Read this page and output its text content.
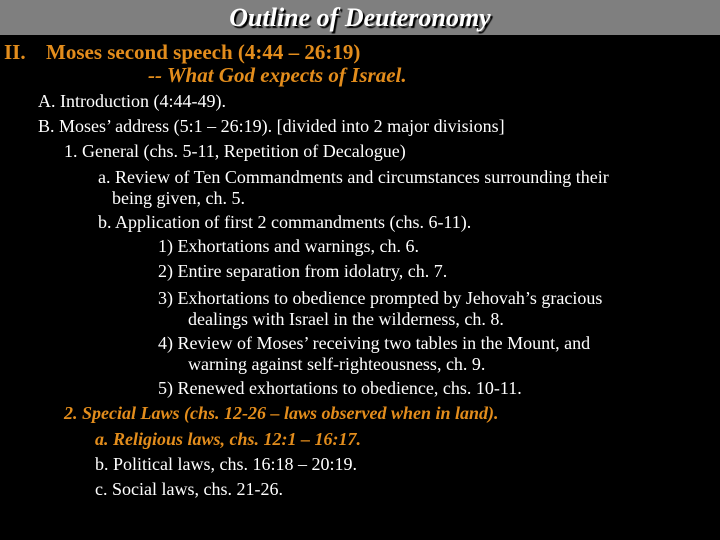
Outline of Deuteronomy
II. Moses second speech (4:44 – 26:19)
-- What God expects of Israel.
A. Introduction (4:44-49).
B. Moses’ address (5:1 – 26:19). [divided into 2 major divisions]
1. General (chs. 5-11, Repetition of Decalogue)
a. Review of Ten Commandments and circumstances surrounding their
being given, ch. 5.
b. Application of first 2 commandments (chs. 6-11).
1) Exhortations and warnings, ch. 6.
2) Entire separation from idolatry, ch. 7.
3) Exhortations to obedience prompted by Jehovah’s gracious
dealings with Israel in the wilderness, ch. 8.
4) Review of Moses’ receiving two tables in the Mount, and
warning against self-righteousness, ch. 9.
5) Renewed exhortations to obedience, chs. 10-11.
2. Special Laws (chs. 12-26 – laws observed when in land).
a. Religious laws, chs. 12:1 – 16:17.
b. Political laws, chs. 16:18 – 20:19.
c. Social laws, chs. 21-26.
